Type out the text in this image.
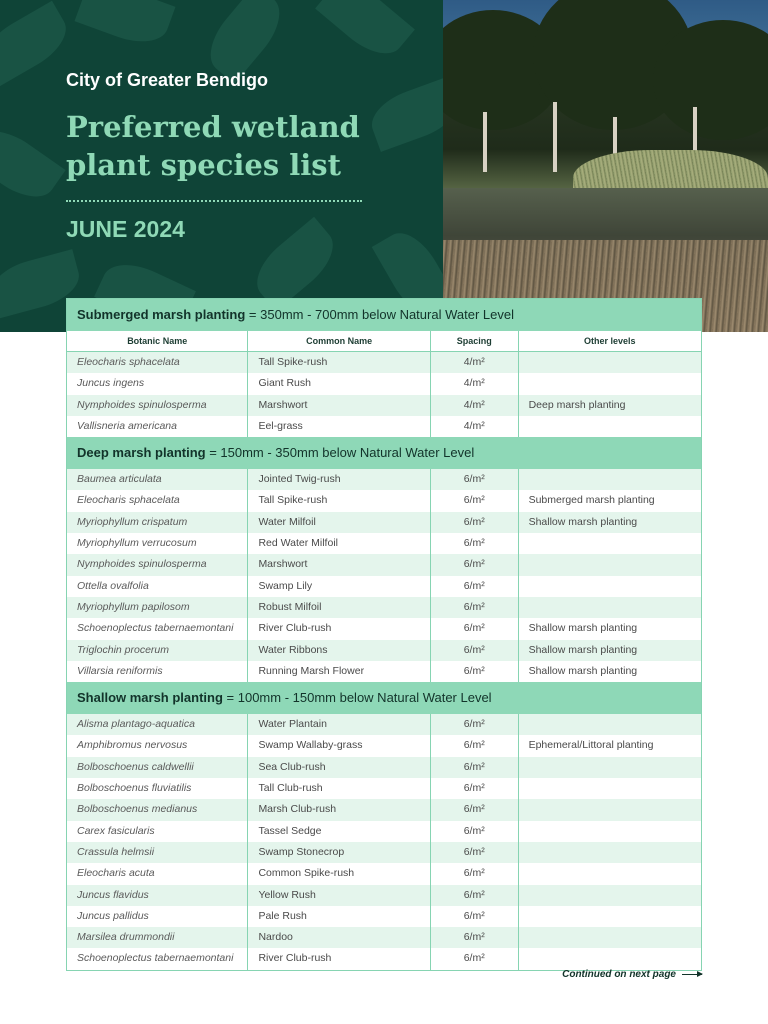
City of Greater Bendigo
Preferred wetland plant species list
JUNE 2024
Submerged marsh planting = 350mm - 700mm below Natural Water Level
Botanic Name	Common Name	Spacing	Other levels
Eleocharis sphacelata	Tall Spike-rush	4/m²
Juncus ingens	Giant Rush	4/m²
Nymphoides spinulosperma	Marshwort	4/m²	Deep marsh planting
Vallisneria americana	Eel-grass	4/m²
Deep marsh planting = 150mm - 350mm below Natural Water Level
Baumea articulata	Jointed Twig-rush	6/m²
Eleocharis sphacelata	Tall Spike-rush	6/m²	Submerged marsh planting
Myriophyllum crispatum	Water Milfoil	6/m²	Shallow marsh planting
Myriophyllum verrucosum	Red Water Milfoil	6/m²
Nymphoides spinulosperma	Marshwort	6/m²
Ottella ovalfolia	Swamp Lily	6/m²
Myriophyllum papilosom	Robust Milfoil	6/m²
Schoenoplectus tabernaemontani	River Club-rush	6/m²	Shallow marsh planting
Triglochin procerum	Water Ribbons	6/m²	Shallow marsh planting
Villarsia reniformis	Running Marsh Flower	6/m²	Shallow marsh planting
Shallow marsh planting = 100mm - 150mm below Natural Water Level
Alisma plantago-aquatica	Water Plantain	6/m²
Amphibromus nervosus	Swamp Wallaby-grass	6/m²	Ephemeral/Littoral planting
Bolboschoenus caldwellii	Sea Club-rush	6/m²
Bolboschoenus fluviatilis	Tall Club-rush	6/m²
Bolboschoenus medianus	Marsh Club-rush	6/m²
Carex fasicularis	Tassel Sedge	6/m²
Crassula helmsii	Swamp Stonecrop	6/m²
Eleocharis acuta	Common Spike-rush	6/m²
Juncus flavidus	Yellow Rush	6/m²
Juncus pallidus	Pale Rush	6/m²
Marsilea drummondii	Nardoo	6/m²
Schoenoplectus tabernaemontani	River Club-rush	6/m²
Continued on next page
